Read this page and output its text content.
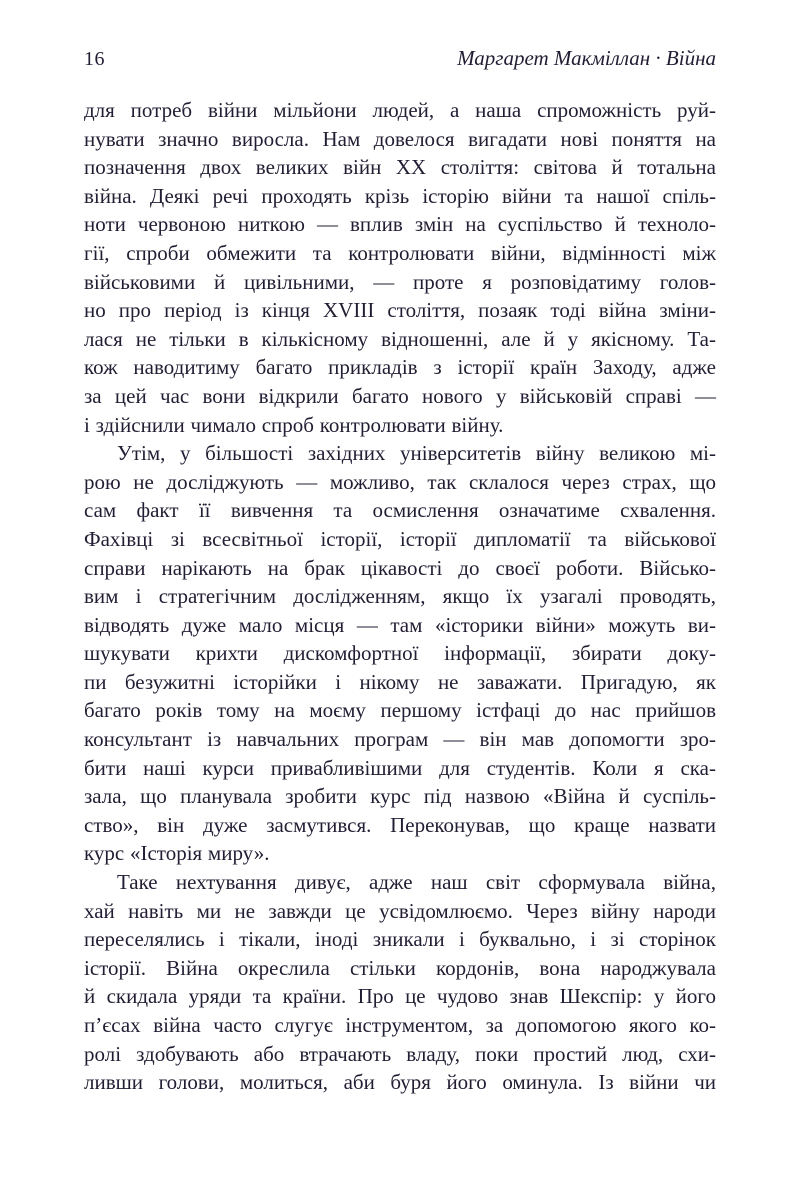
16	Маргарет Макміллан · Війна
для потреб війни мільйони людей, а наша спроможність руй-
нувати значно виросла. Нам довелося вигадати нові поняття на
позначення двох великих війн XX століття: світова й тотальна
війна. Деякі речі проходять крізь історію війни та нашої спіль-
ноти червоною ниткою — вплив змін на суспільство й техноло-
гії, спроби обмежити та контролювати війни, відмінності між
військовими й цивільними, — проте я розповідатиму голов-
но про період із кінця XVIII століття, позаяк тоді війна зміни-
лася не тільки в кількісному відношенні, але й у якісному. Та-
кож наводитиму багато прикладів з історії країн Заходу, адже
за цей час вони відкрили багато нового у військовій справі —
і здійснили чимало спроб контролювати війну.
Утім, у більшості західних університетів війну великою мі-
рою не досліджують — можливо, так склалося через страх, що
сам факт її вивчення та осмислення означатиме схвалення.
Фахівці зі всесвітньої історії, історії дипломатії та військової
справи нарікають на брак цікавості до своєї роботи. Військо-
вим і стратегічним дослідженням, якщо їх узагалі проводять,
відводять дуже мало місця — там «історики війни» можуть ви-
шукувати крихти дискомфортної інформації, збирати доку-
пи безужитні історійки і нікому не заважати. Пригадую, як
багато років тому на моєму першому істфаці до нас прийшов
консультант із навчальних програм — він мав допомогти зро-
бити наші курси привабливішими для студентів. Коли я ска-
зала, що планувала зробити курс під назвою «Війна й суспіль-
ство», він дуже засмутився. Переконував, що краще назвати
курс «Історія миру».
Таке нехтування дивує, адже наш світ сформувала війна,
хай навіть ми не завжди це усвідомлюємо. Через війну народи
переселялись і тікали, іноді зникали і буквально, і зі сторінок
історії. Війна окреслила стільки кордонів, вона народжувала
й скидала уряди та країни. Про це чудово знав Шекспір: у його
п’єсах війна часто слугує інструментом, за допомогою якого ко-
ролі здобувають або втрачають владу, поки простий люд, схи-
ливши голови, молиться, аби буря його оминула. Із війни чи
